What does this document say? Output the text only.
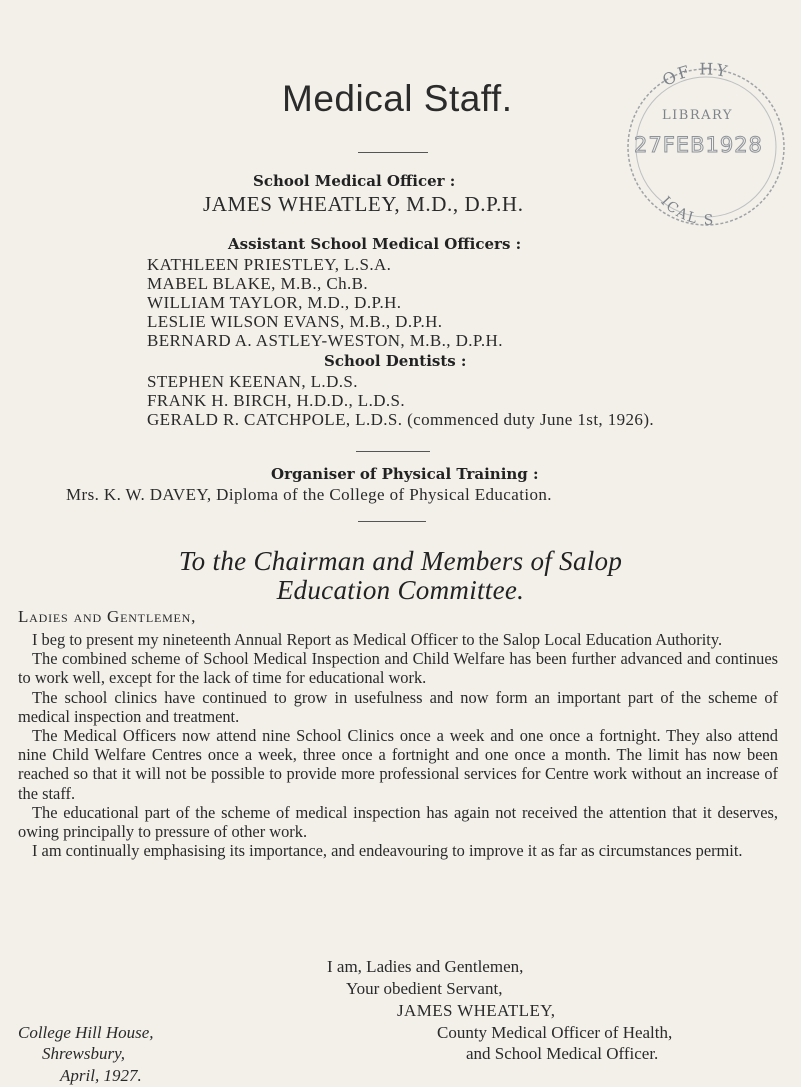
Medical Staff.
OF HY
LIBRARY
27FEB1928
ICAL S
School Medical Officer :
JAMES WHEATLEY, M.D., D.P.H.
Assistant School Medical Officers :
KATHLEEN PRIESTLEY, L.S.A.
MABEL BLAKE, M.B., Ch.B.
WILLIAM TAYLOR, M.D., D.P.H.
LESLIE WILSON EVANS, M.B., D.P.H.
BERNARD A. ASTLEY-WESTON, M.B., D.P.H.
School Dentists :
STEPHEN KEENAN, L.D.S.
FRANK H. BIRCH, H.D.D., L.D.S.
GERALD R. CATCHPOLE, L.D.S. (commenced duty June 1st, 1926).
Organiser of Physical Training :
Mrs. K. W. DAVEY, Diploma of the College of Physical Education.
To the Chairman and Members of Salop
Education Committee.
Ladies and Gentlemen,

I beg to present my nineteenth Annual Report as Medical Officer to the Salop Local Education Authority.

The combined scheme of School Medical Inspection and Child Welfare has been further advanced and continues to work well, except for the lack of time for educational work.

The school clinics have continued to grow in usefulness and now form an important part of the scheme of medical inspection and treatment.

The Medical Officers now attend nine School Clinics once a week and one once a fortnight. They also attend nine Child Welfare Centres once a week, three once a fortnight and one once a month. The limit has now been reached so that it will not be possible to provide more professional services for Centre work without an increase of the staff.

The educational part of the scheme of medical inspection has again not received the attention that it deserves, owing principally to pressure of other work.

I am continually emphasising its importance, and endeavouring to improve it as far as circumstances permit.

I am, Ladies and Gentlemen,
Your obedient Servant,
JAMES WHEATLEY,
County Medical Officer of Health,
and School Medical Officer.
College Hill House,
Shrewsbury,
April, 1927.
